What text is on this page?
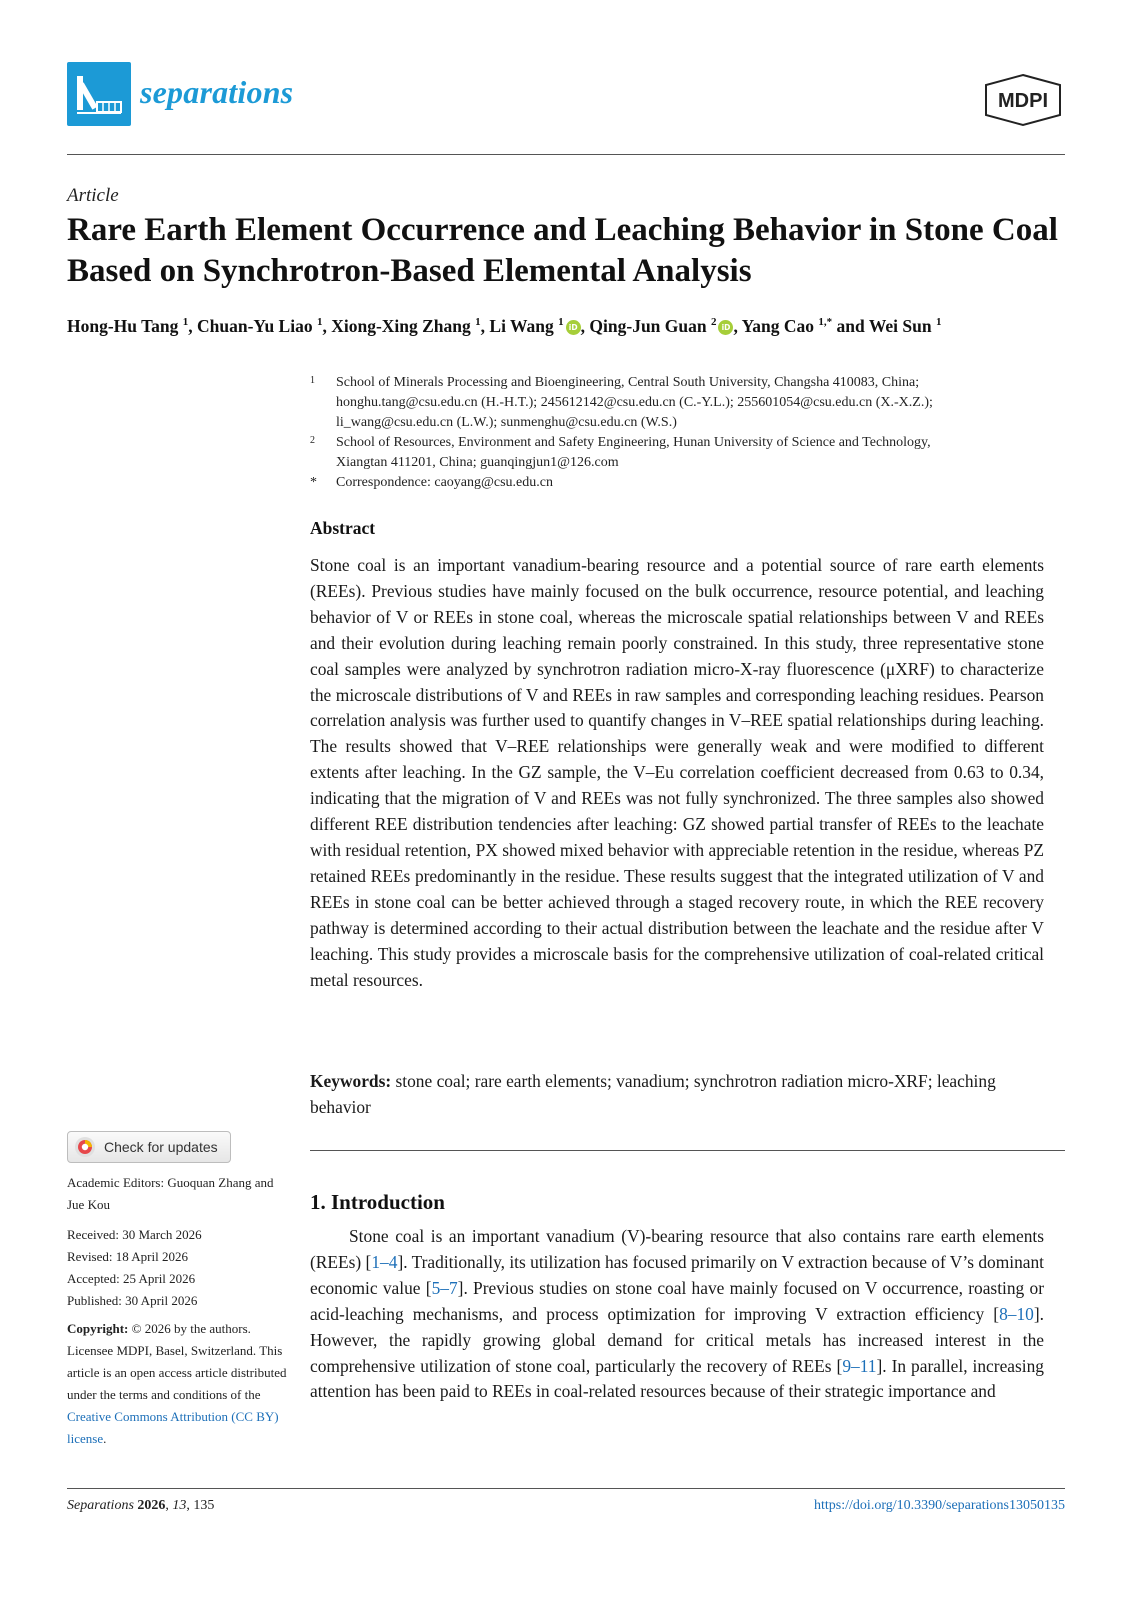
separations	MDPI
Article
Rare Earth Element Occurrence and Leaching Behavior in Stone Coal Based on Synchrotron-Based Elemental Analysis
Hong-Hu Tang $^1$, Chuan-Yu Liao $^1$, Xiong-Xing Zhang $^1$, Li Wang $^1$ iD , Qing-Jun Guan $^2$ iD , Yang Cao $^{1,*}$ and Wei Sun $^1$
1 School of Minerals Processing and Bioengineering, Central South University, Changsha 410083, China;
honghu.tang@csu.edu.cn (H.-H.T.); 245612142@csu.edu.cn (C.-Y.L.); 255601054@csu.edu.cn (X.-X.Z.);
li_wang@csu.edu.cn (L.W.); sunmenghu@csu.edu.cn (W.S.)
2 School of Resources, Environment and Safety Engineering, Hunan University of Science and Technology,
Xiangtan 411201, China; guanqingjun1@126.com
* Correspondence: caoyang@csu.edu.cn
Abstract

Stone coal is an important vanadium-bearing resource and a potential source of rare earth elements (REEs). Previous studies have mainly focused on the bulk occurrence, resource potential, and leaching behavior of V or REEs in stone coal, whereas the microscale spatial relationships between V and REEs and their evolution during leaching remain poorly constrained. In this study, three representative stone coal samples were analyzed by synchrotron radiation micro-X-ray fluorescence (μXRF) to characterize the microscale distributions of V and REEs in raw samples and corresponding leaching residues. Pearson correlation analysis was further used to quantify changes in V–REE spatial relationships during leaching. The results showed that V–REE relationships were generally weak and were modified to different extents after leaching. In the GZ sample, the V–Eu correlation coefficient decreased from 0.63 to 0.34, indicating that the migration of V and REEs was not fully synchronized. The three samples also showed different REE distribution tendencies after leaching: GZ showed partial transfer of REEs to the leachate with residual retention, PX showed mixed behavior with appreciable retention in the residue, whereas PZ retained REEs predominantly in the residue. These results suggest that the integrated utilization of V and REEs in stone coal can be better achieved through a staged recovery route, in which the REE recovery pathway is determined according to their actual distribution between the leachate and the residue after V leaching. This study provides a microscale basis for the comprehensive utilization of coal-related critical metal resources.

Keywords: stone coal; rare earth elements; vanadium; synchrotron radiation micro-XRF; leaching behavior

Check for updates
Academic Editors: Guoquan Zhang and Jue Kou
Received: 30 March 2026
Revised: 18 April 2026
Accepted: 25 April 2026
Published: 30 April 2026
Copyright: © 2026 by the authors. Licensee MDPI, Basel, Switzerland. This article is an open access article distributed under the terms and conditions of the Creative Commons Attribution (CC BY) license.
1. Introduction

Stone coal is an important vanadium (V)-bearing resource that also contains rare earth elements (REEs) [1–4]. Traditionally, its utilization has focused primarily on V extraction because of V’s dominant economic value [5–7]. Previous studies on stone coal have mainly focused on V occurrence, roasting or acid-leaching mechanisms, and process optimization for improving V extraction efficiency [8–10]. However, the rapidly growing global demand for critical metals has increased interest in the comprehensive utilization of stone coal, particularly the recovery of REEs [9–11]. In parallel, increasing attention has been paid to REEs in coal-related resources because of their strategic importance and

Separations 2026, 13, 135	https://doi.org/10.3390/separations13050135
